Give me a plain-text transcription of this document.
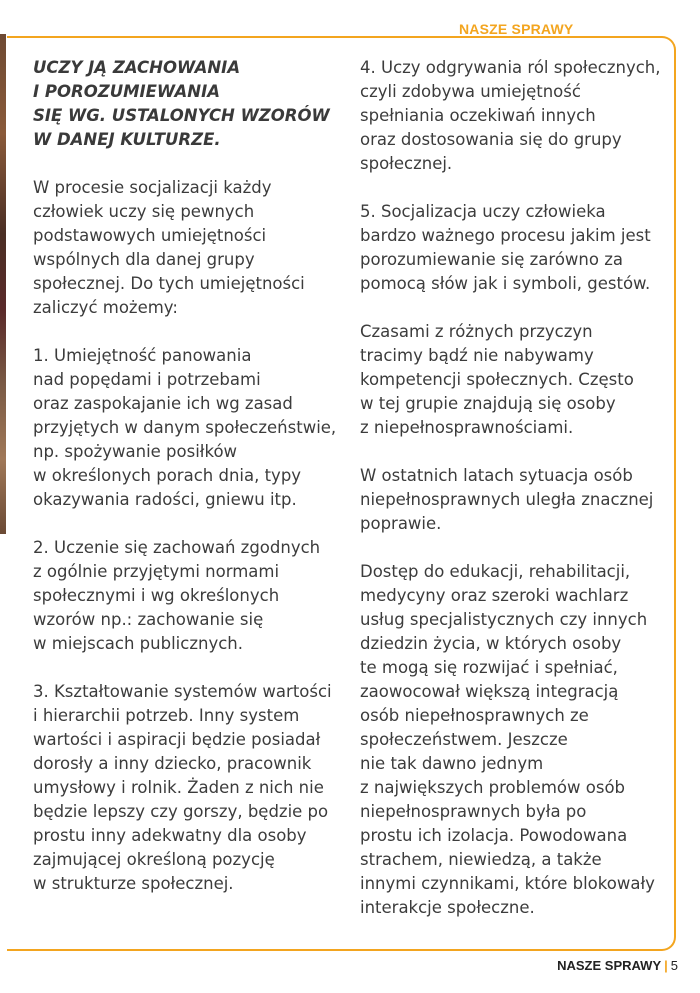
NASZE SPRAWY

UCZY JĄ ZACHOWANIA
I POROZUMIEWANIA
SIĘ WG. USTALONYCH WZORÓW
W DANEJ KULTURZE.

W procesie socjalizacji każdy
człowiek uczy się pewnych
podstawowych umiejętności
wspólnych dla danej grupy
społecznej. Do tych umiejętności
zaliczyć możemy:

1. Umiejętność panowania
nad popędami i potrzebami
oraz zaspokajanie ich wg zasad
przyjętych w danym społeczeństwie,
np. spożywanie posiłków
w określonych porach dnia, typy
okazywania radości, gniewu itp.

2. Uczenie się zachowań zgodnych
z ogólnie przyjętymi normami
społecznymi i wg określonych
wzorów np.: zachowanie się
w miejscach publicznych.

3. Kształtowanie systemów wartości
i hierarchii potrzeb. Inny system
wartości i aspiracji będzie posiadał
dorosły a inny dziecko, pracownik
umysłowy i rolnik. Żaden z nich nie
będzie lepszy czy gorszy, będzie po
prostu inny adekwatny dla osoby
zajmującej określoną pozycję
w strukturze społecznej.

4. Uczy odgrywania ról społecznych,
czyli zdobywa umiejętność
spełniania oczekiwań innych
oraz dostosowania się do grupy
społecznej.

5. Socjalizacja uczy człowieka
bardzo ważnego procesu jakim jest
porozumiewanie się zarówno za
pomocą słów jak i symboli, gestów.

Czasami z różnych przyczyn
tracimy bądź nie nabywamy
kompetencji społecznych. Często
w tej grupie znajdują się osoby
z niepełnosprawnościami.

W ostatnich latach sytuacja osób
niepełnosprawnych uległa znacznej
poprawie.

Dostęp do edukacji, rehabilitacji,
medycyny oraz szeroki wachlarz
usług specjalistycznych czy innych
dziedzin życia, w których osoby
te mogą się rozwijać i spełniać,
zaowocował większą integracją
osób niepełnosprawnych ze
społeczeństwem. Jeszcze
nie tak dawno jednym
z największych problemów osób
niepełnosprawnych była po
prostu ich izolacja. Powodowana
strachem, niewiedzą, a także
innymi czynnikami, które blokowały
interakcje społeczne.

NASZE SPRAWY | 5
